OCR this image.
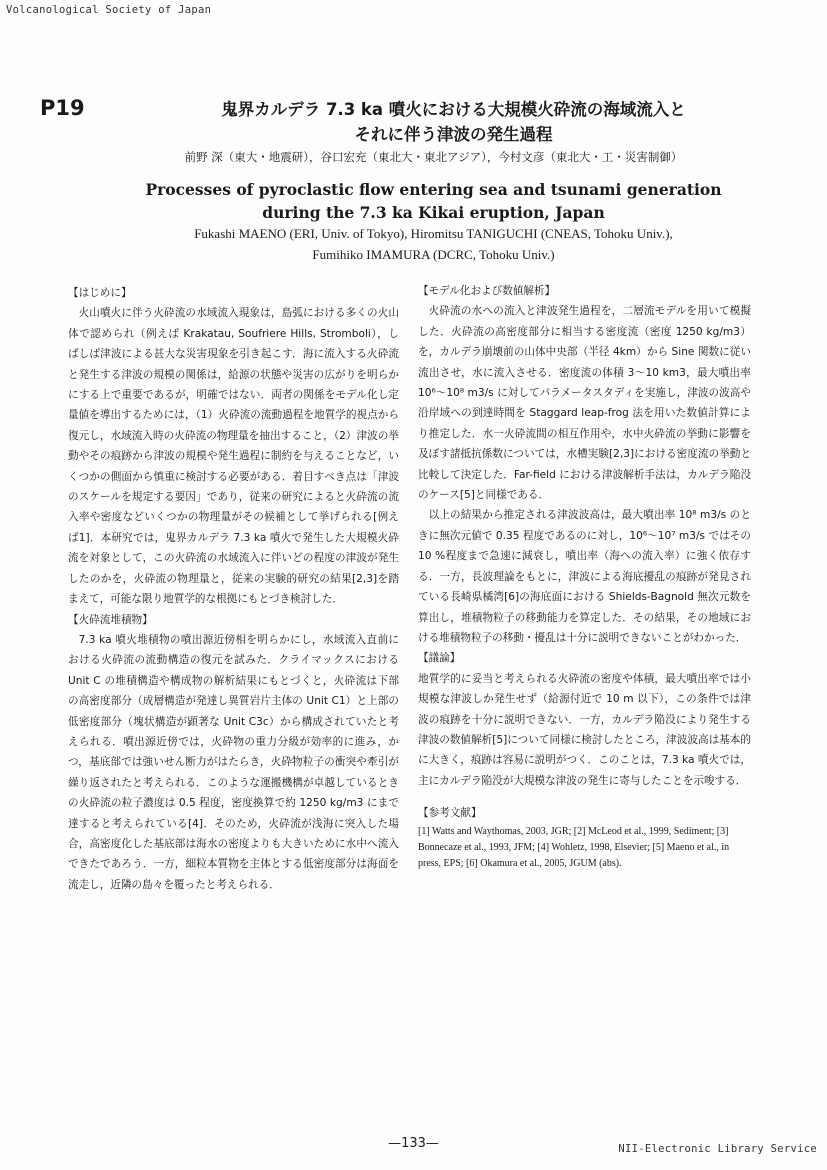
Volcanological Society of Japan
P19	鬼界カルデラ 7.3 ka 噴火における大規模火砕流の海域流入と
それに伴う津波の発生過程
前野 深（東大・地震研），谷口宏充（東北大・東北アジア），今村文彦（東北大・工・災害制御）
Processes of pyroclastic flow entering sea and tsunami generation
during the 7.3 ka Kikai eruption, Japan
Fukashi MAENO (ERI, Univ. of Tokyo), Hiromitsu TANIGUCHI (CNEAS, Tohoku Univ.),
Fumihiko IMAMURA (DCRC, Tohoku Univ.)

【はじめに】

火山噴火に伴う火砕流の水域流入現象は，島弧における多くの火山体で認められ（例えば Krakatau, Soufriere Hills, Stromboli），しばしば津波による甚大な災害現象を引き起こす．海に流入する火砕流と発生する津波の規模の関係は，給源の状態や災害の広がりを明らかにする上で重要であるが，明確ではない．両者の関係をモデル化し定量値を導出するためには，（1）火砕流の流動過程を地質学的視点から復元し，水域流入時の火砕流の物理量を抽出すること，（2）津波の挙動やその痕跡から津波の規模や発生過程に制約を与えることなど，いくつかの側面から慎重に検討する必要がある．着目すべき点は「津波のスケールを規定する要因」であり，従来の研究によると火砕流の流入率や密度などいくつかの物理量がその候補として挙げられる[例えば1]．本研究では，鬼界カルデラ 7.3 ka 噴火で発生した大規模火砕流を対象として，この火砕流の水域流入に伴いどの程度の津波が発生したのかを，火砕流の物理量と，従来の実験的研究の結果[2,3]を踏まえて，可能な限り地質学的な根拠にもとづき検討した．

【火砕流堆積物】

7.3 ka 噴火堆積物の噴出源近傍相を明らかにし，水域流入直前における火砕流の流動構造の復元を試みた．クライマックスにおける Unit C の堆積構造や構成物の解析結果にもとづくと，火砕流は下部の高密度部分（成層構造が発達し異質岩片主体の Unit C1）と上部の低密度部分（塊状構造が顕著な Unit C3c）から構成されていたと考えられる．噴出源近傍では，火砕物の重力分級が効率的に進み，かつ，基底部では強いせん断力がはたらき，火砕物粒子の衝突や牽引が繰り返されたと考えられる．このような運搬機構が卓越しているときの火砕流の粒子濃度は 0.5 程度，密度換算で約 1250 kg/m3 にまで達すると考えられている[4]．そのため，火砕流が浅海に突入した場合，高密度化した基底部は海水の密度よりも大きいために水中へ流入できたであろう．一方，細粒本質物を主体とする低密度部分は海面を流走し，近隣の島々を覆ったと考えられる．

【モデル化および数値解析】

火砕流の水への流入と津波発生過程を，二層流モデルを用いて模擬した．火砕流の高密度部分に相当する密度流（密度 1250 kg/m3）を，カルデラ崩壊前の山体中央部（半径 4km）から Sine 関数に従い流出させ，水に流入させる．密度流の体積 3～10 km3，最大噴出率 10⁶～10⁸ m3/s に対してパラメータスタディを実施し，津波の波高や沿岸域への到達時間を Staggard leap-frog 法を用いた数値計算により推定した．水一火砕流間の相互作用や，水中火砕流の挙動に影響を及ぼす諸抵抗係数については，水槽実験[2,3]における密度流の挙動と比較して決定した．Far-field における津波解析手法は，カルデラ陥没のケース[5]と同様である．

以上の結果から推定される津波波高は，最大噴出率 10⁸ m3/s のときに無次元値で 0.35 程度であるのに対し，10⁶～10⁷ m3/s ではその 10 %程度まで急速に減衰し，噴出率（海への流入率）に強く依存する．一方，長波理論をもとに，津波による海底擾乱の痕跡が発見されている長崎県橘湾[6]の海底面における Shields-Bagnold 無次元数を算出し，堆積物粒子の移動能力を算定した．その結果，その地域における堆積物粒子の移動・擾乱は十分に説明できないことがわかった．

【議論】

地質学的に妥当と考えられる火砕流の密度や体積，最大噴出率では小規模な津波しか発生せず（給源付近で 10 m 以下），この条件では津波の痕跡を十分に説明できない．一方，カルデラ陥没により発生する津波の数値解析[5]について同様に検討したところ，津波波高は基本的に大きく，痕跡は容易に説明がつく．このことは，7.3 ka 噴火では，主にカルデラ陥没が大規模な津波の発生に寄与したことを示唆する．

【参考文献】

[1] Watts and Waythomas, 2003, JGR; [2] McLeod et al., 1999, Sediment; [3] Bonnecaze et al., 1993, JFM; [4] Wohletz, 1998, Elsevier; [5] Maeno et al., in press, EPS; [6] Okamura et al., 2005, JGUM (abs).

—133—	NII-Electronic Library Service
